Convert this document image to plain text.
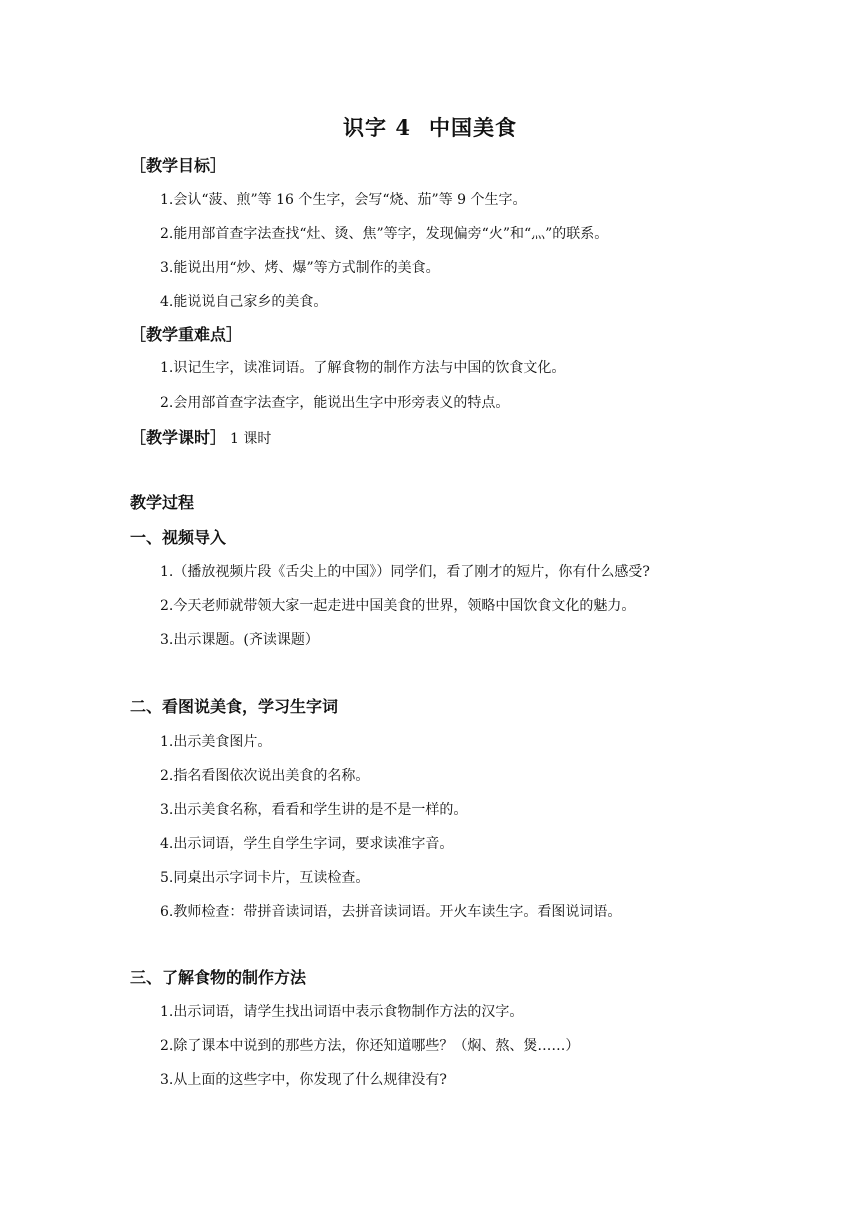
识字 4 中国美食
［教学目标］
1.会认“菠、煎”等 16 个生字，会写“烧、茄”等 9 个生字。
2.能用部首查字法查找“灶、烫、焦”等字，发现偏旁“火”和“灬”的联系。
3.能说出用“炒、烤、爆”等方式制作的美食。
4.能说说自己家乡的美食。
［教学重难点］
1.识记生字，读准词语。了解食物的制作方法与中国的饮食文化。
2.会用部首查字法查字，能说出生字中形旁表义的特点。
［教学课时］ 1 课时
教学过程
一、视频导入
1.（播放视频片段《舌尖上的中国》）同学们，看了刚才的短片，你有什么感受?
2.今天老师就带领大家一起走进中国美食的世界，领略中国饮食文化的魅力。
3.出示课题。(齐读课题）
二、看图说美食，学习生字词
1.出示美食图片。
2.指名看图依次说出美食的名称。
3.出示美食名称，看看和学生讲的是不是一样的。
4.出示词语，学生自学生字词，要求读准字音。
5.同桌出示字词卡片，互读检查。
6.教师检查：带拼音读词语，去拼音读词语。开火车读生字。看图说词语。
三、了解食物的制作方法
1.出示词语，请学生找出词语中表示食物制作方法的汉字。
2.除了课本中说到的那些方法，你还知道哪些？（焖、熬、煲……）
3.从上面的这些字中，你发现了什么规律没有?
